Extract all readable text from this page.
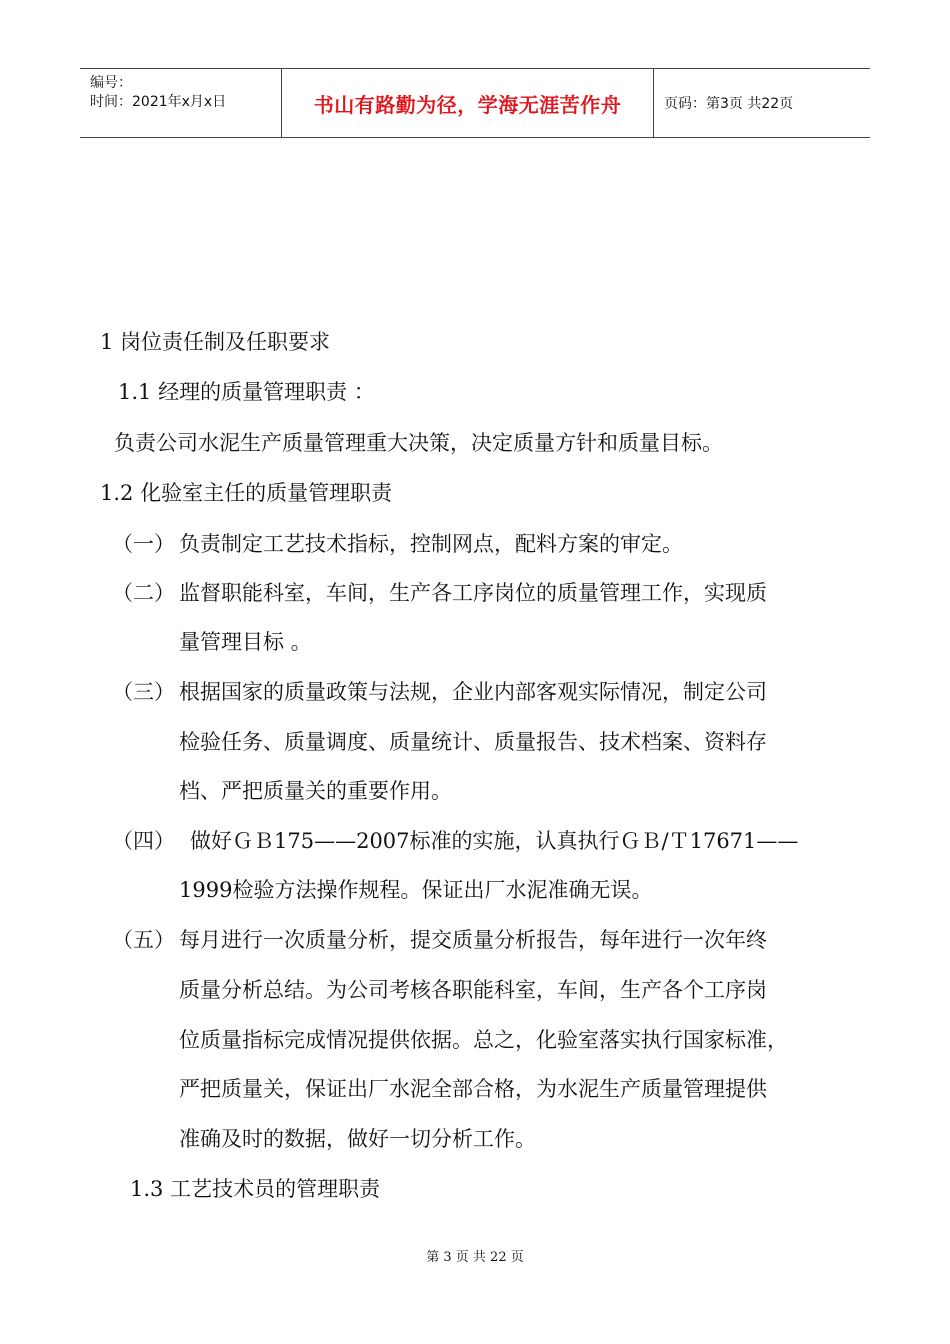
编号：
时间：2021年x月x日	书山有路勤为径，学海无涯苦作舟	页码：第3页 共22页
1 岗位责任制及任职要求
1.1 经理的质量管理职责 ：
负责公司水泥生产质量管理重大决策，决定质量方针和质量目标。
1.2 化验室主任的质量管理职责
（一） 负责制定工艺技术指标，控制网点，配料方案的审定。
（二） 监督职能科室，车间，生产各工序岗位的质量管理工作，实现质
量管理目标 。
（三） 根据国家的质量政策与法规，企业内部客观实际情况，制定公司
检验任务、质量调度、质量统计、质量报告、技术档案、资料存
档、严把质量关的重要作用。
（四） 做好ＧＢ175——2007标准的实施，认真执行ＧＢ/Ｔ17671——
1999检验方法操作规程。保证出厂水泥准确无误。
（五） 每月进行一次质量分析，提交质量分析报告，每年进行一次年终
质量分析总结。为公司考核各职能科室，车间，生产各个工序岗
位质量指标完成情况提供依据。总之，化验室落实执行国家标准，
严把质量关，保证出厂水泥全部合格，为水泥生产质量管理提供
准确及时的数据，做好一切分析工作。
1.3 工艺技术员的管理职责
第 3 页 共 22 页
